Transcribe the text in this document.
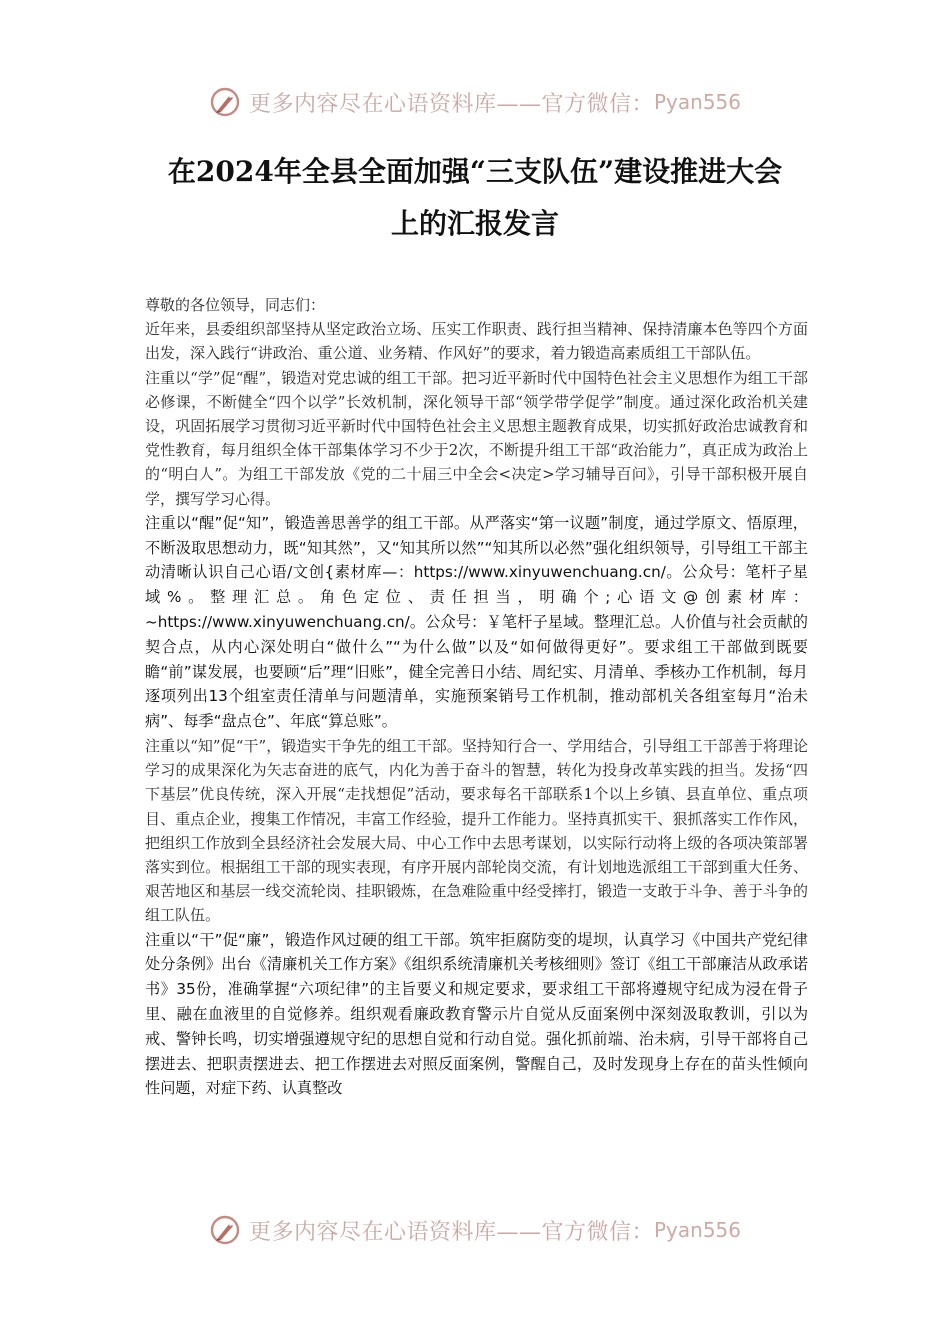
更多内容尽在心语资料库——官方微信： Pyan556
在2024年全县全面加强“三支队伍”建设推进大会
上的汇报发言

尊敬的各位领导，同志们：

近年来，县委组织部坚持从坚定政治立场、压实工作职责、践行担当精神、保持清廉本色等四个方面出发，深入践行“讲政治、重公道、业务精、作风好”的要求，着力锻造高素质组工干部队伍。

注重以“学”促“醒”，锻造对党忠诚的组工干部。把习近平新时代中国特色社会主义思想作为组工干部必修课，不断健全“四个以学”长效机制，深化领导干部“领学带学促学”制度。通过深化政治机关建设，巩固拓展学习贯彻习近平新时代中国特色社会主义思想主题教育成果，切实抓好政治忠诚教育和党性教育，每月组织全体干部集体学习不少于2次，不断提升组工干部“政治能力”，真正成为政治上的“明白人”。为组工干部发放《党的二十届三中全会<决定>学习辅导百问》，引导干部积极开展自学，撰写学习心得。

注重以“醒”促“知”，锻造善思善学的组工干部。从严落实“第一议题”制度，通过学原文、悟原理，不断汲取思想动力，既“知其然”，又“知其所以然”“知其所以必然”强化组织领导，引导组工干部主动清晰认识自己心语/文创{素材库—：https://www.xinyuwenchuang.cn/。公众号：笔杆子星域%。整理汇总。角色定位、责任担当，明确个;心语文@创素材库：~https://www.xinyuwenchuang.cn/。公众号：￥笔杆子星域。整理汇总。人价值与社会贡献的契合点，从内心深处明白“做什么”“为什么做”以及“如何做得更好”。要求组工干部做到既要瞻“前”谋发展，也要顾“后”理“旧账”，健全完善日小结、周纪实、月清单、季核办工作机制，每月逐项列出13个组室责任清单与问题清单，实施预案销号工作机制，推动部机关各组室每月“治未病”、每季“盘点仓”、年底“算总账”。

注重以“知”促“干”，锻造实干争先的组工干部。坚持知行合一、学用结合，引导组工干部善于将理论学习的成果深化为矢志奋进的底气，内化为善于奋斗的智慧，转化为投身改革实践的担当。发扬“四下基层”优良传统，深入开展“走找想促”活动，要求每名干部联系1个以上乡镇、县直单位、重点项目、重点企业，搜集工作情况，丰富工作经验，提升工作能力。坚持真抓实干、狠抓落实工作作风，把组织工作放到全县经济社会发展大局、中心工作中去思考谋划，以实际行动将上级的各项决策部署落实到位。根据组工干部的现实表现，有序开展内部轮岗交流，有计划地选派组工干部到重大任务、艰苦地区和基层一线交流轮岗、挂职锻炼，在急难险重中经受摔打，锻造一支敢于斗争、善于斗争的组工队伍。

注重以“干”促“廉”，锻造作风过硬的组工干部。筑牢拒腐防变的堤坝，认真学习《中国共产党纪律处分条例》出台《清廉机关工作方案》《组织系统清廉机关考核细则》签订《组工干部廉洁从政承诺书》35份，准确掌握“六项纪律”的主旨要义和规定要求，要求组工干部将遵规守纪成为浸在骨子里、融在血液里的自觉修养。组织观看廉政教育警示片自觉从反面案例中深刻汲取教训，引以为戒、警钟长鸣，切实增强遵规守纪的思想自觉和行动自觉。强化抓前端、治未病，引导干部将自己摆进去、把职责摆进去、把工作摆进去对照反面案例，警醒自己，及时发现身上存在的苗头性倾向性问题，对症下药、认真整改

更多内容尽在心语资料库——官方微信： Pyan556
